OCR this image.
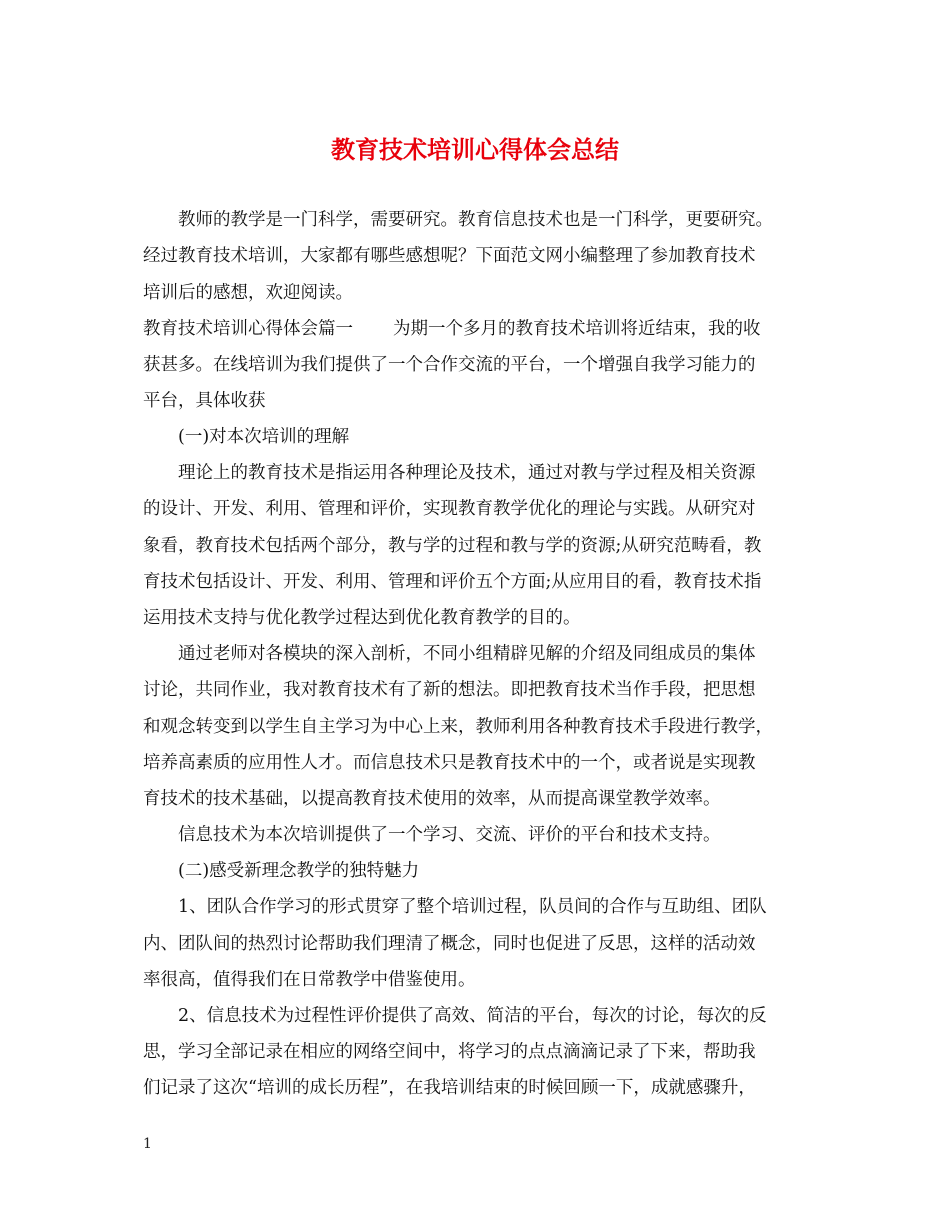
教育技术培训心得体会总结
教师的教学是一门科学，需要研究。教育信息技术也是一门科学，更要研究。
经过教育技术培训，大家都有哪些感想呢？下面范文网小编整理了参加教育技术
培训后的感想，欢迎阅读。
教育技术培训心得体会篇一 为期一个多月的教育技术培训将近结束，我的收
获甚多。在线培训为我们提供了一个合作交流的平台，一个增强自我学习能力的
平台，具体收获
(一)对本次培训的理解
理论上的教育技术是指运用各种理论及技术，通过对教与学过程及相关资源
的设计、开发、利用、管理和评价，实现教育教学优化的理论与实践。从研究对
象看，教育技术包括两个部分，教与学的过程和教与学的资源;从研究范畴看，教
育技术包括设计、开发、利用、管理和评价五个方面;从应用目的看，教育技术指
运用技术支持与优化教学过程达到优化教育教学的目的。
通过老师对各模块的深入剖析，不同小组精辟见解的介绍及同组成员的集体
讨论，共同作业，我对教育技术有了新的想法。即把教育技术当作手段，把思想
和观念转变到以学生自主学习为中心上来，教师利用各种教育技术手段进行教学，
培养高素质的应用性人才。而信息技术只是教育技术中的一个，或者说是实现教
育技术的技术基础，以提高教育技术使用的效率，从而提高课堂教学效率。
信息技术为本次培训提供了一个学习、交流、评价的平台和技术支持。
(二)感受新理念教学的独特魅力
1、团队合作学习的形式贯穿了整个培训过程，队员间的合作与互助组、团队
内、团队间的热烈讨论帮助我们理清了概念，同时也促进了反思，这样的活动效
率很高，值得我们在日常教学中借鉴使用。
2、信息技术为过程性评价提供了高效、简洁的平台，每次的讨论，每次的反
思，学习全部记录在相应的网络空间中，将学习的点点滴滴记录了下来，帮助我
们记录了这次“培训的成长历程”，在我培训结束的时候回顾一下，成就感骤升，
1
